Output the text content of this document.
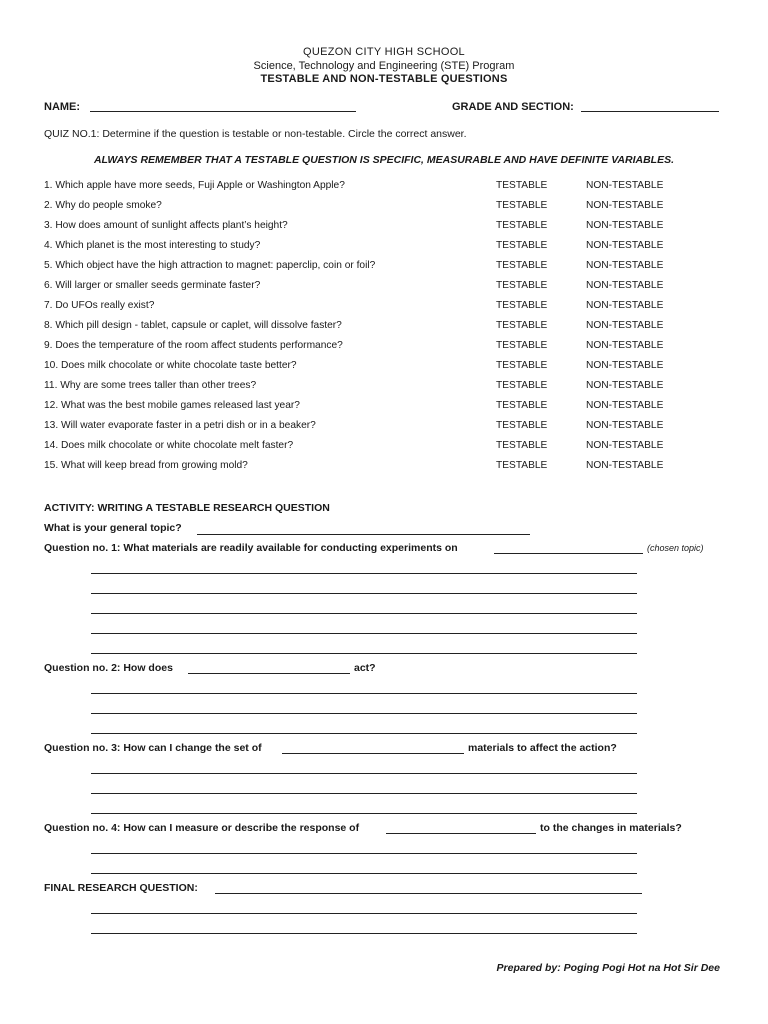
QUEZON CITY HIGH SCHOOL
Science, Technology and Engineering (STE) Program
TESTABLE AND NON-TESTABLE QUESTIONS
NAME:	GRADE AND SECTION:
QUIZ NO.1: Determine if the question is testable or non-testable. Circle the correct answer.
ALWAYS REMEMBER THAT A TESTABLE QUESTION IS SPECIFIC, MEASURABLE AND HAVE DEFINITE VARIABLES.
1. Which apple have more seeds, Fuji Apple or Washington Apple?	TESTABLE	NON-TESTABLE
2. Why do people smoke?	TESTABLE	NON-TESTABLE
3. How does amount of sunlight affects plant’s height?	TESTABLE	NON-TESTABLE
4. Which planet is the most interesting to study?	TESTABLE	NON-TESTABLE
5. Which object have the high attraction to magnet: paperclip, coin or foil?	TESTABLE	NON-TESTABLE
6. Will larger or smaller seeds germinate faster?	TESTABLE	NON-TESTABLE
7. Do UFOs really exist?	TESTABLE	NON-TESTABLE
8. Which pill design - tablet, capsule or caplet, will dissolve faster?	TESTABLE	NON-TESTABLE
9. Does the temperature of the room affect students performance?	TESTABLE	NON-TESTABLE
10. Does milk chocolate or white chocolate taste better?	TESTABLE	NON-TESTABLE
11. Why are some trees taller than other trees?	TESTABLE	NON-TESTABLE
12. What was the best mobile games released last year?	TESTABLE	NON-TESTABLE
13. Will water evaporate faster in a petri dish or in a beaker?	TESTABLE	NON-TESTABLE
14. Does milk chocolate or white chocolate melt faster?	TESTABLE	NON-TESTABLE
15. What will keep bread from growing mold?	TESTABLE	NON-TESTABLE
ACTIVITY: WRITING A TESTABLE RESEARCH QUESTION
What is your general topic?
Question no. 1: What materials are readily available for conducting experiments on	(chosen topic)
Question no. 2: How does	act?
Question no. 3: How can I change the set of	materials to affect the action?
Question no. 4: How can I measure or describe the response of	to the changes in materials?
FINAL RESEARCH QUESTION:
Prepared by: Poging Pogi Hot na Hot Sir Dee
